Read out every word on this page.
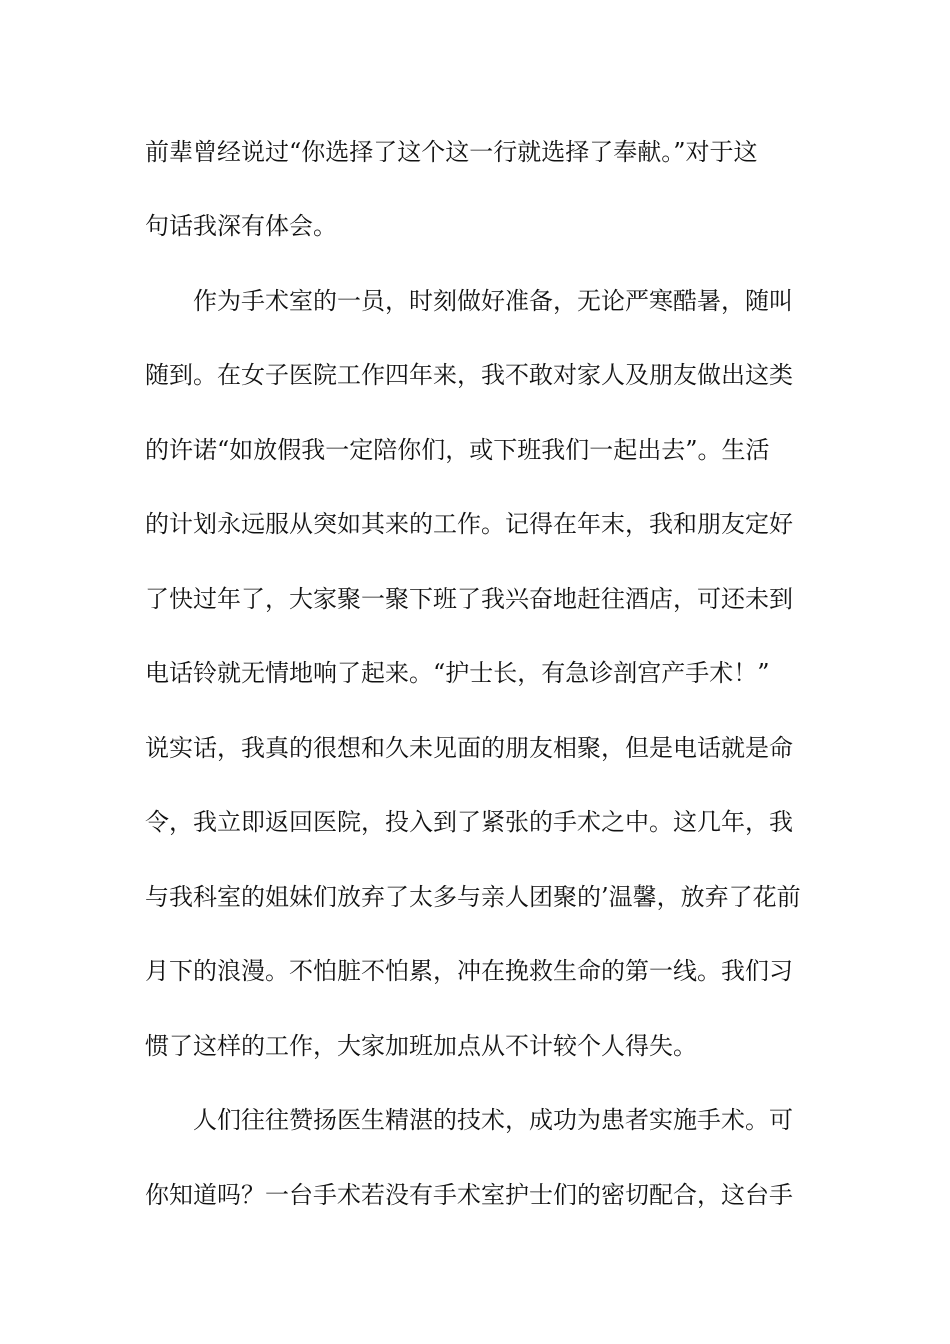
前辈曾经说过“你选择了这个这一行就选择了奉献。”对于这
句话我深有体会。
作为手术室的一员，时刻做好准备，无论严寒酷暑，随叫
随到。在女子医院工作四年来，我不敢对家人及朋友做出这类
的许诺“如放假我一定陪你们，或下班我们一起出去”。生活
的计划永远服从突如其来的工作。记得在年末，我和朋友定好
了快过年了，大家聚一聚下班了我兴奋地赶往酒店，可还未到
电话铃就无情地响了起来。“护士长，有急诊剖宫产手术！”
说实话，我真的很想和久未见面的朋友相聚，但是电话就是命
令，我立即返回医院，投入到了紧张的手术之中。这几年，我
与我科室的姐妹们放弃了太多与亲人团聚的’温馨，放弃了花前
月下的浪漫。不怕脏不怕累，冲在挽救生命的第一线。我们习
惯了这样的工作，大家加班加点从不计较个人得失。
人们往往赞扬医生精湛的技术，成功为患者实施手术。可
你知道吗？一台手术若没有手术室护士们的密切配合，这台手
